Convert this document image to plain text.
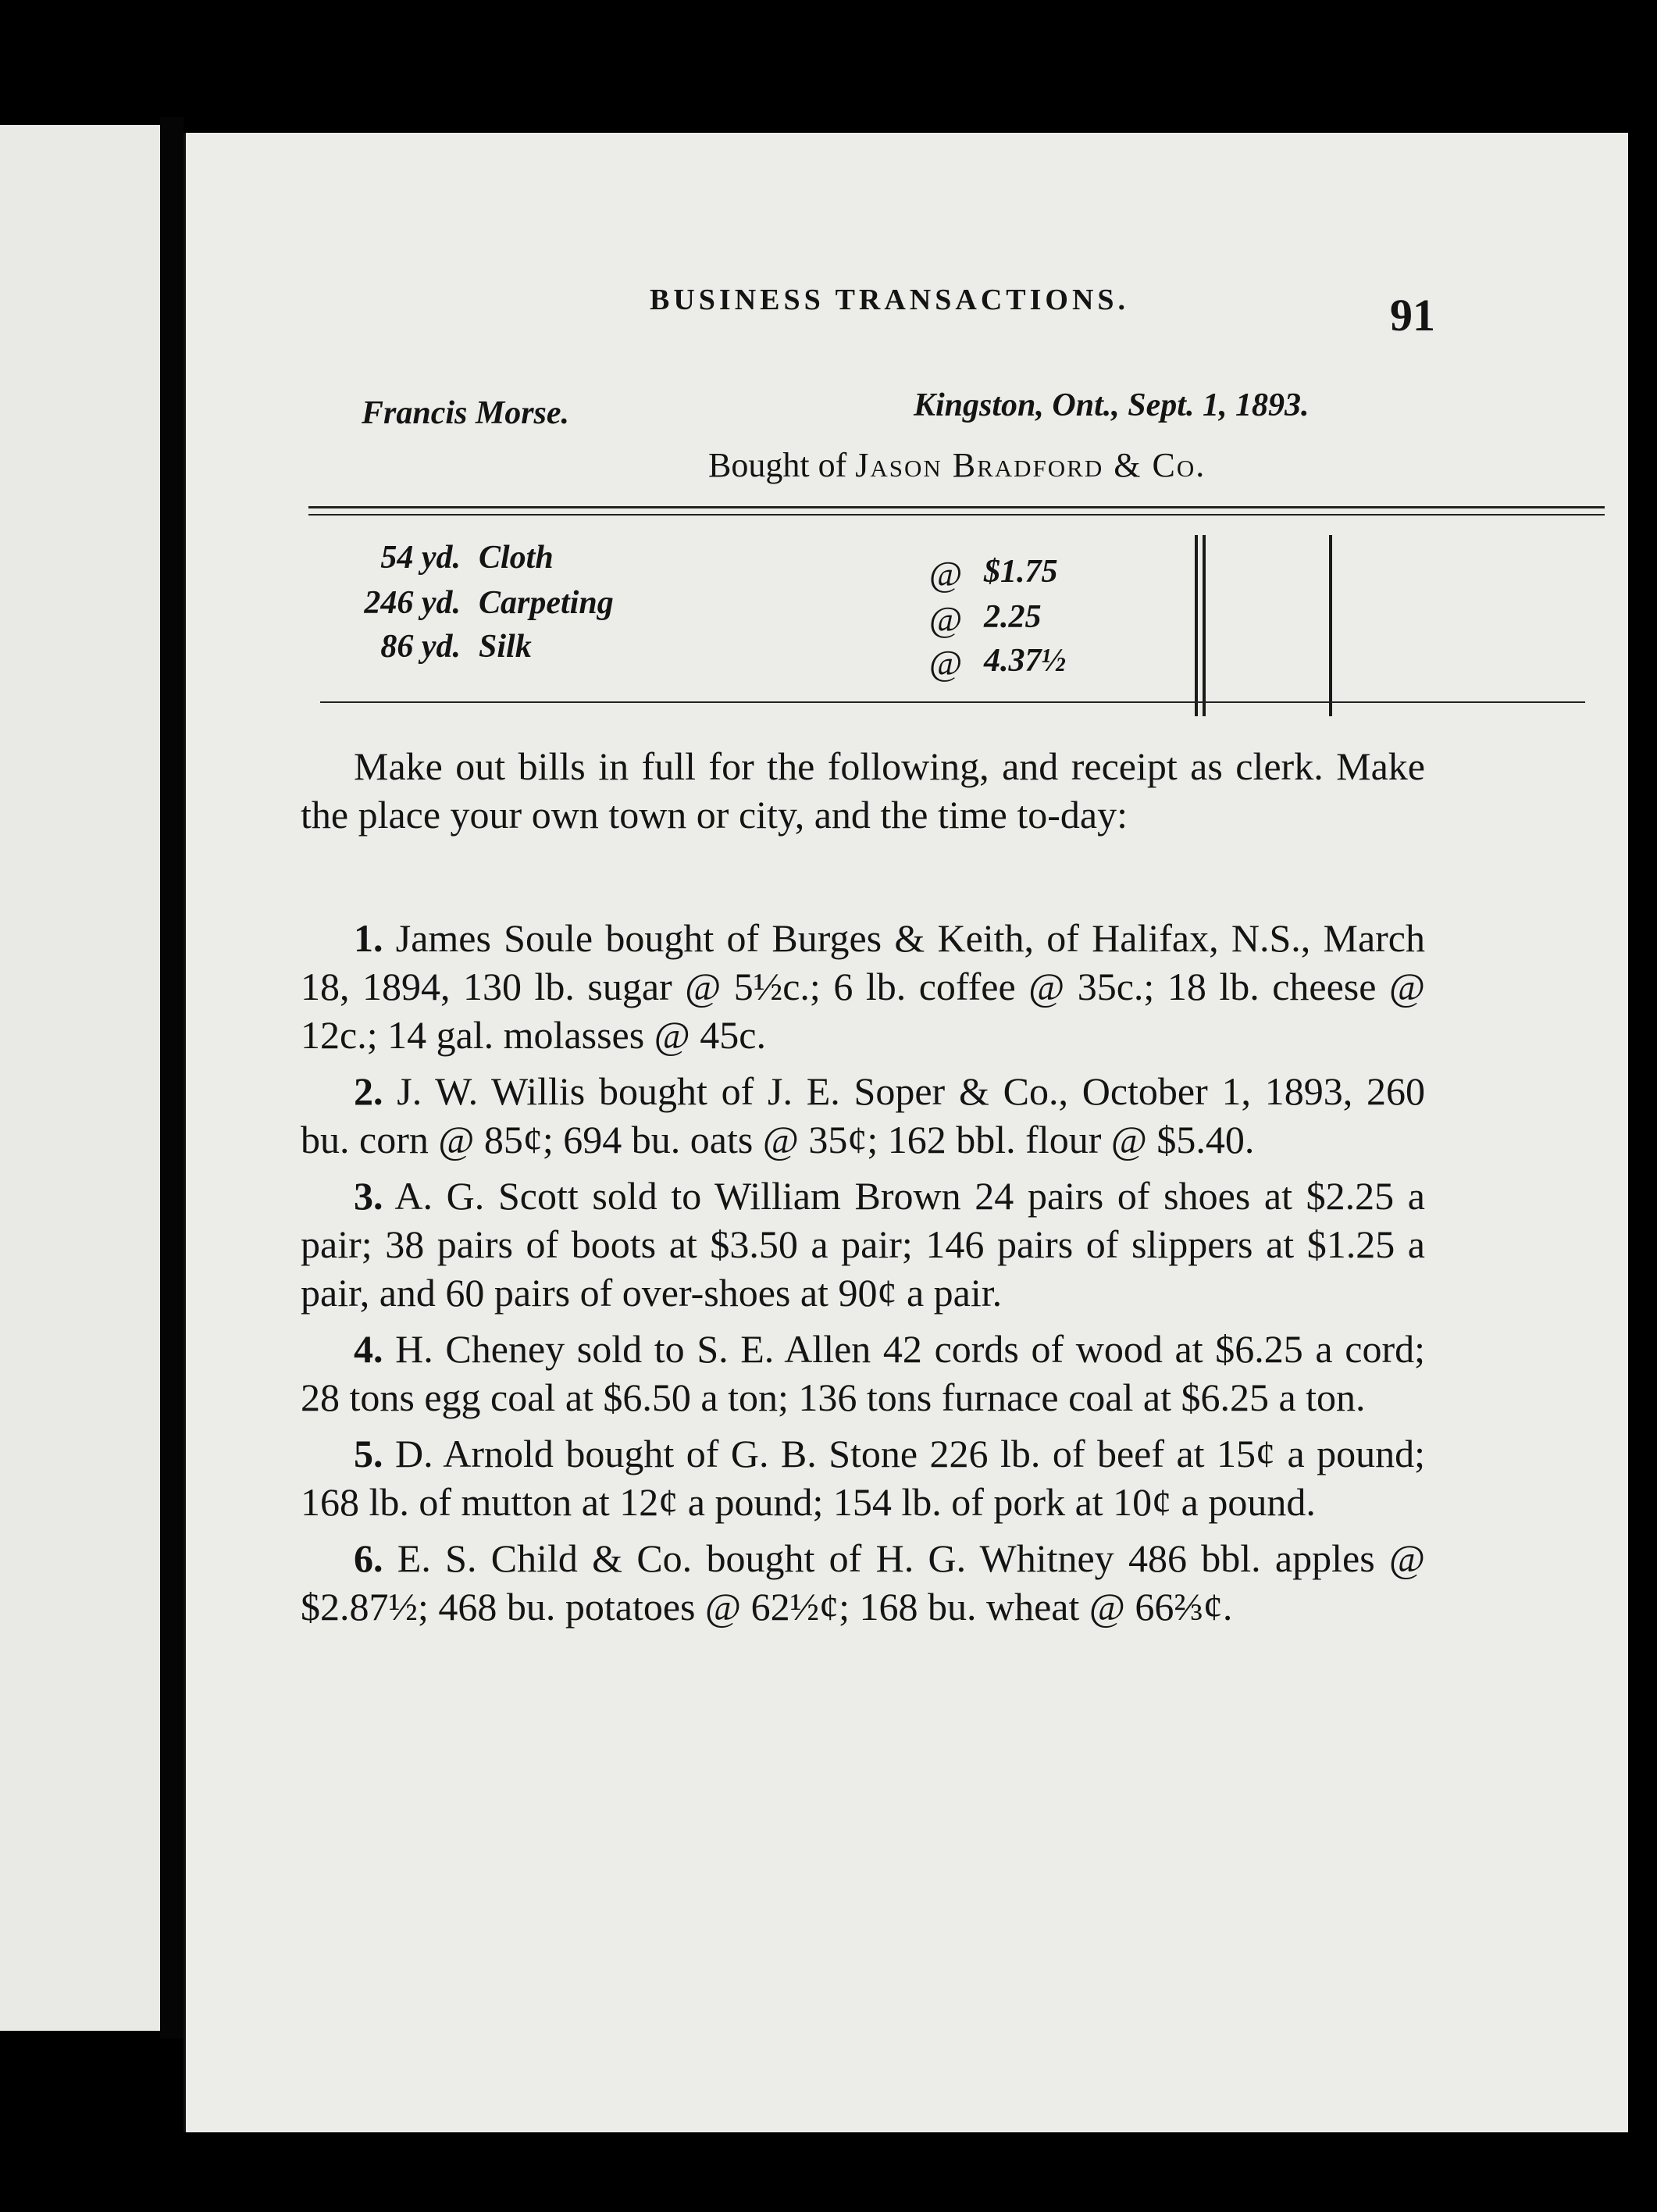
BUSINESS TRANSACTIONS.	91
Francis Morse.	Kingston, Ont., Sept. 1, 1893.
Bought of Jason Bradford & Co.
54 yd. Cloth	@ $1.75
246 yd. Carpeting	@ 2.25
86 yd. Silk	@ 4.37½
Make out bills in full for the following, and receipt as clerk. Make the place your own town or city, and the time to-day:

1. James Soule bought of Burges & Keith, of Halifax, N.S., March 18, 1894, 130 lb. sugar @ 5½c.; 6 lb. coffee @ 35c.; 18 lb. cheese @ 12c.; 14 gal. molasses @ 45c.

2. J. W. Willis bought of J. E. Soper & Co., October 1, 1893, 260 bu. corn @ 85¢; 694 bu. oats @ 35¢; 162 bbl. flour @ $5.40.

3. A. G. Scott sold to William Brown 24 pairs of shoes at $2.25 a pair; 38 pairs of boots at $3.50 a pair; 146 pairs of slippers at $1.25 a pair, and 60 pairs of over-shoes at 90¢ a pair.

4. H. Cheney sold to S. E. Allen 42 cords of wood at $6.25 a cord; 28 tons egg coal at $6.50 a ton; 136 tons furnace coal at $6.25 a ton.

5. D. Arnold bought of G. B. Stone 226 lb. of beef at 15¢ a pound; 168 lb. of mutton at 12¢ a pound; 154 lb. of pork at 10¢ a pound.

6. E. S. Child & Co. bought of H. G. Whitney 486 bbl. apples @ $2.87½; 468 bu. potatoes @ 62½¢; 168 bu. wheat @ 66⅔¢.
